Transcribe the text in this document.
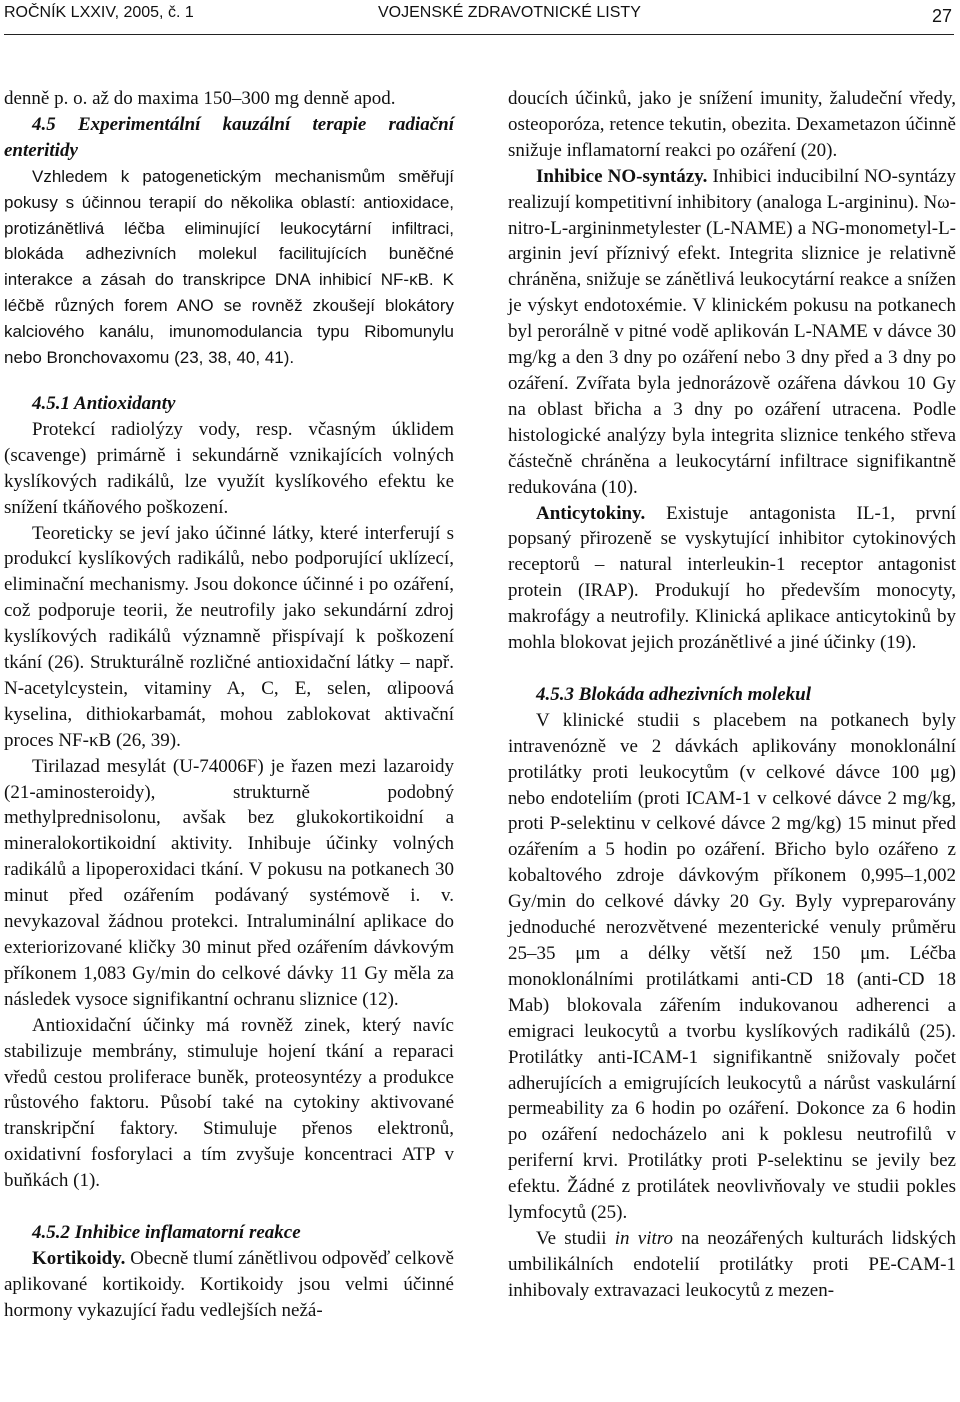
ROČNÍK LXXIV, 2005, č. 1	VOJENSKÉ ZDRAVOTNICKÉ LISTY	27

denně p. o. až do maxima 150–300 mg denně apod.

4.5 Experimentální kauzální terapie radiační enteritidy

Vzhledem k patogenetickým mechanismům směřují pokusy s účinnou terapií do několika oblastí: antioxidace, protizánětlivá léčba eliminující leukocytární infiltraci, blokáda adhezivních molekul facilitujících buněčné interakce a zásah do transkripce DNA inhibicí NF-κB. K léčbě různých forem ANO se rovněž zkoušejí blokátory kalciového kanálu, imunomodulancia typu Ribomunylu nebo Bronchovaxomu (23, 38, 40, 41).

4.5.1 Antioxidanty

Protekcí radiolýzy vody, resp. včasným úklidem (scavenge) primárně i sekundárně vznikajících volných kyslíkových radikálů, lze využít kyslíkového efektu ke snížení tkáňového poškození.

Teoreticky se jeví jako účinné látky, které interferují s produkcí kyslíkových radikálů, nebo podporující uklízecí, eliminační mechanismy. Jsou dokonce účinné i po ozáření, což podporuje teorii, že neutrofily jako sekundární zdroj kyslíkových radikálů významně přispívají k poškození tkání (26). Strukturálně rozličné antioxidační látky – např. N-acetylcystein, vitaminy A, C, E, selen, αlipoová kyselina, dithiokarbamát, mohou zablokovat aktivační proces NF-κB (26, 39).

Tirilazad mesylát (U-74006F) je řazen mezi lazaroidy (21-aminosteroidy), strukturně podobný methylprednisolonu, avšak bez glukokortikoidní a mineralokortikoidní aktivity. Inhibuje účinky volných radikálů a lipoperoxidaci tkání. V pokusu na potkanech 30 minut před ozářením podávaný systémově i. v. nevykazoval žádnou protekci. Intraluminální aplikace do exteriorizované kličky 30 minut před ozářením dávkovým příkonem 1,083 Gy/min do celkové dávky 11 Gy měla za následek vysoce signifikantní ochranu sliznice (12).

Antioxidační účinky má rovněž zinek, který navíc stabilizuje membrány, stimuluje hojení tkání a reparaci vředů cestou proliferace buněk, proteosyntézy a produkce růstového faktoru. Působí také na cytokiny aktivované transkripční faktory. Stimuluje přenos elektronů, oxidativní fosforylaci a tím zvyšuje koncentraci ATP v buňkách (1).

4.5.2 Inhibice inflamatorní reakce

Kortikoidy. Obecně tlumí zánětlivou odpověď celkově aplikované kortikoidy. Kortikoidy jsou velmi účinné hormony vykazující řadu vedlejších nežá-

doucích účinků, jako je snížení imunity, žaludeční vředy, osteoporóza, retence tekutin, obezita. Dexametazon účinně snižuje inflamatorní reakci po ozáření (20).

Inhibice NO-syntázy. Inhibici inducibilní NO-syntázy realizují kompetitivní inhibitory (analoga L-argininu). Nω-nitro-L-argininmetylester (L-NAME) a NG-monometyl-L-arginin jeví příznivý efekt. Integrita sliznice je relativně chráněna, snižuje se zánětlivá leukocytární reakce a snížen je výskyt endotoxémie. V klinickém pokusu na potkanech byl perorálně v pitné vodě aplikován L-NAME v dávce 30 mg/kg a den 3 dny po ozáření nebo 3 dny před a 3 dny po ozáření. Zvířata byla jednorázově ozářena dávkou 10 Gy na oblast břicha a 3 dny po ozáření utracena. Podle histologické analýzy byla integrita sliznice tenkého střeva částečně chráněna a leukocytární infiltrace signifikantně redukována (10).

Anticytokiny. Existuje antagonista IL-1, první popsaný přirozeně se vyskytující inhibitor cytokinových receptorů – natural interleukin-1 receptor antagonist protein (IRAP). Produkují ho především monocyty, makrofágy a neutrofily. Klinická aplikace anticytokinů by mohla blokovat jejich prozánětlivé a jiné účinky (19).

4.5.3 Blokáda adhezivních molekul

V klinické studii s placebem na potkanech byly intravenózně ve 2 dávkách aplikovány monoklonální protilátky proti leukocytům (v celkové dávce 100 μg) nebo endoteliím (proti ICAM-1 v celkové dávce 2 mg/kg, proti P-selektinu v celkové dávce 2 mg/kg) 15 minut před ozářením a 5 hodin po ozáření. Břicho bylo ozářeno z kobaltového zdroje dávkovým příkonem 0,995–1,002 Gy/min do celkové dávky 20 Gy. Byly vypreparovány jednoduché nerozvětvené mezenterické venuly průměru 25–35 μm a délky větší než 150 μm. Léčba monoklonálními protilátkami anti-CD 18 (anti-CD 18 Mab) blokovala zářením indukovanou adherenci a emigraci leukocytů a tvorbu kyslíkových radikálů (25). Protilátky anti-ICAM-1 signifikantně snižovaly počet adherujících a emigrujících leukocytů a nárůst vaskulární permeability za 6 hodin po ozáření. Dokonce za 6 hodin po ozáření nedocházelo ani k poklesu neutrofilů v periferní krvi. Protilátky proti P-selektinu se jevily bez efektu. Žádné z protilátek neovlivňovaly ve studii pokles lymfocytů (25).

Ve studii in vitro na neozářených kulturách lidských umbilikálních endotelií protilátky proti PE-CAM-1 inhibovaly extravazaci leukocytů z mezen-
